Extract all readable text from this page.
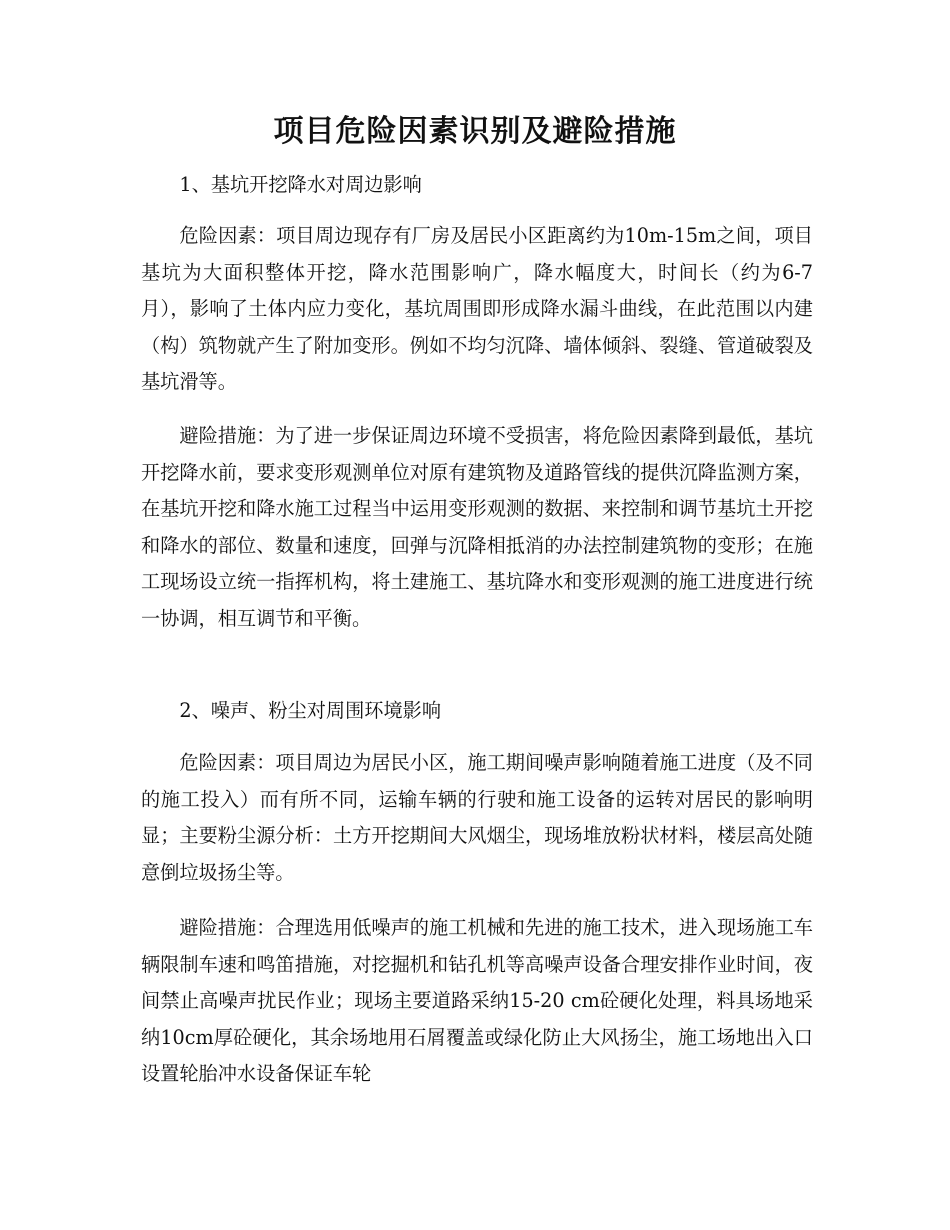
项目危险因素识别及避险措施

1、基坑开挖降水对周边影响

危险因素：项目周边现存有厂房及居民小区距离约为10m-15m之间，项目基坑为大面积整体开挖，降水范围影响广，降水幅度大，时间长（约为6-7月），影响了土体内应力变化，基坑周围即形成降水漏斗曲线，在此范围以内建（构）筑物就产生了附加变形。例如不均匀沉降、墙体倾斜、裂缝、管道破裂及基坑滑等。

避险措施：为了进一步保证周边环境不受损害，将危险因素降到最低，基坑开挖降水前，要求变形观测单位对原有建筑物及道路管线的提供沉降监测方案，在基坑开挖和降水施工过程当中运用变形观测的数据、来控制和调节基坑土开挖和降水的部位、数量和速度，回弹与沉降相抵消的办法控制建筑物的变形；在施工现场设立统一指挥机构，将土建施工、基坑降水和变形观测的施工进度进行统一协调，相互调节和平衡。

2、噪声、粉尘对周围环境影响

危险因素：项目周边为居民小区，施工期间噪声影响随着施工进度（及不同的施工投入）而有所不同，运输车辆的行驶和施工设备的运转对居民的影响明显；主要粉尘源分析：土方开挖期间大风烟尘，现场堆放粉状材料，楼层高处随意倒垃圾扬尘等。

避险措施：合理选用低噪声的施工机械和先进的施工技术，进入现场施工车辆限制车速和鸣笛措施，对挖掘机和钻孔机等高噪声设备合理安排作业时间，夜间禁止高噪声扰民作业；现场主要道路采纳15-20 cm砼硬化处理，料具场地采纳10cm厚砼硬化，其余场地用石屑覆盖或绿化防止大风扬尘，施工场地出入口设置轮胎冲水设备保证车轮
